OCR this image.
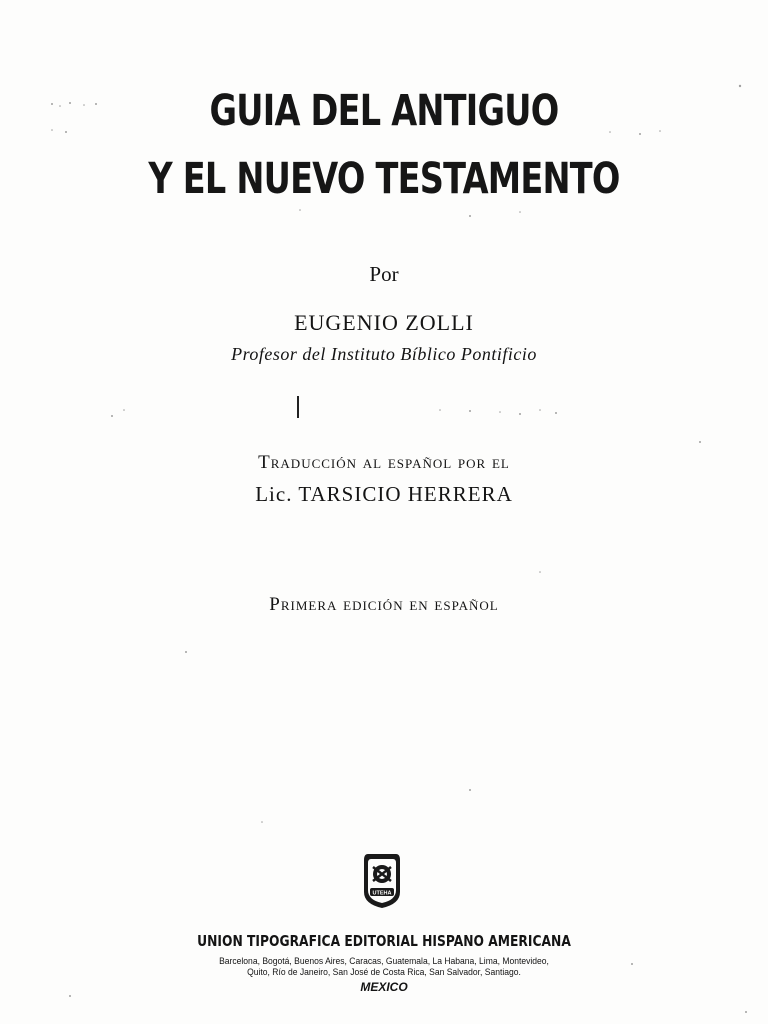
GUIA DEL ANTIGUO
Y EL NUEVO TESTAMENTO
Por
EUGENIO ZOLLI
Profesor del Instituto Bíblico Pontificio
Traducción al español por el
Lic. TARSICIO HERRERA
Primera edición en español
UTEHA
UNION TIPOGRAFICA EDITORIAL HISPANO AMERICANA
Barcelona, Bogotá, Buenos Aires, Caracas, Guatemala, La Habana, Lima, Montevideo,
Quito, Río de Janeiro, San José de Costa Rica, San Salvador, Santiago.
MEXICO
